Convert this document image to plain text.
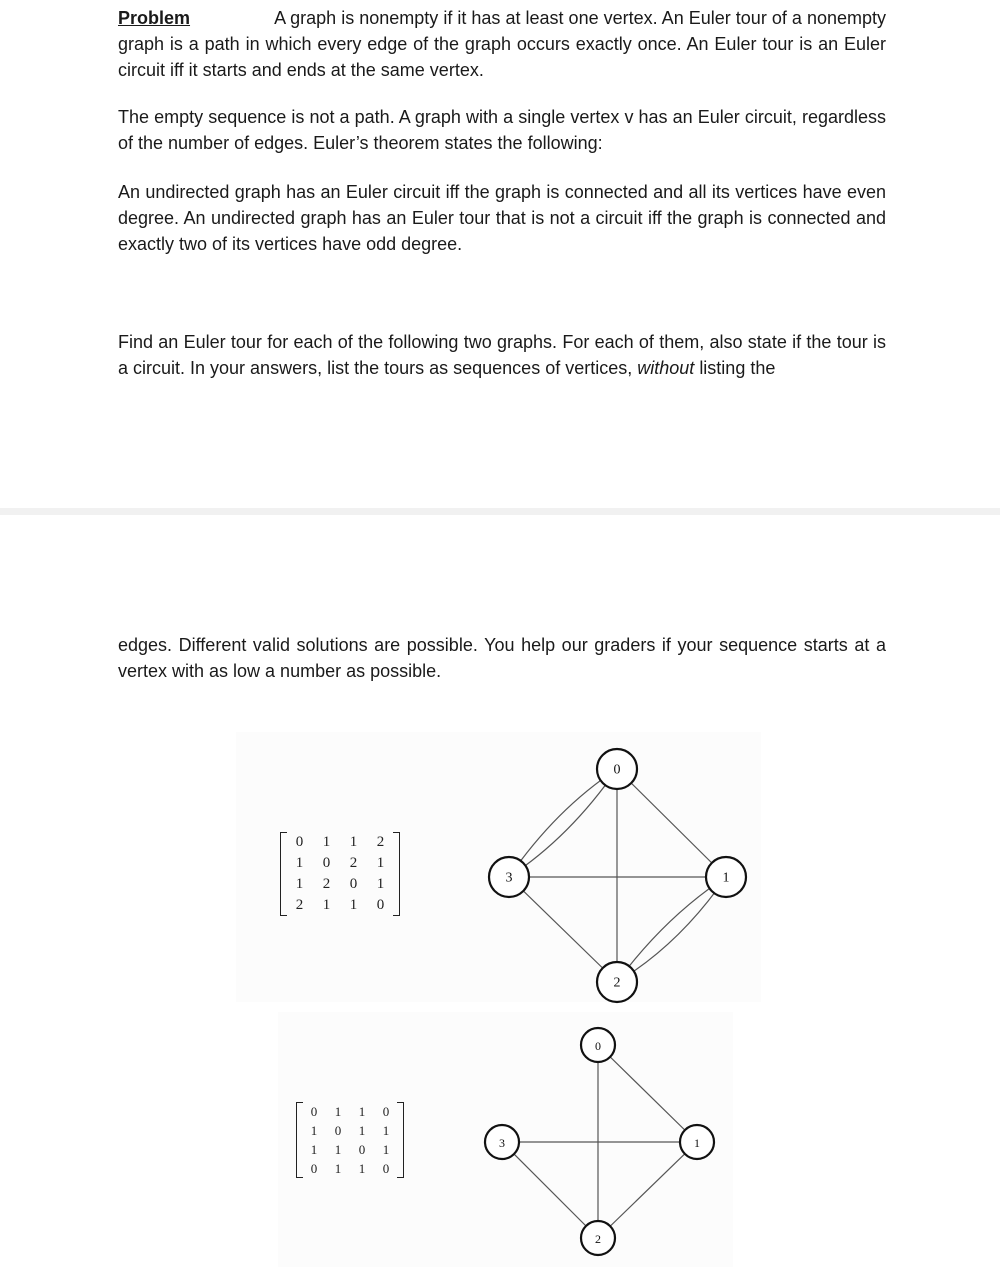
Problem	A graph is nonempty if it has at least one vertex. An Euler tour of a nonempty graph is a path in which every edge of the graph occurs exactly once. An Euler tour is an Euler circuit iff it starts and ends at the same vertex.

The empty sequence is not a path. A graph with a single vertex v has an Euler circuit, regardless of the number of edges. Euler’s theorem states the following:

An undirected graph has an Euler circuit iff the graph is connected and all its vertices have even degree. An undirected graph has an Euler tour that is not a circuit iff the graph is connected and exactly two of its vertices have odd degree.

Find an Euler tour for each of the following two graphs. For each of them, also state if the tour is a circuit. In your answers, list the tours as sequences of vertices, without listing the

edges. Different valid solutions are possible. You help our graders if your sequence starts at a vertex with as low a number as possible.

0	1	1	2
1	0	2	1
1	2	0	1
2	1	1	0
0
1
2
3
0	1	1	0
1	0	1	1
1	1	0	1
0	1	1	0
0
1
2
3
